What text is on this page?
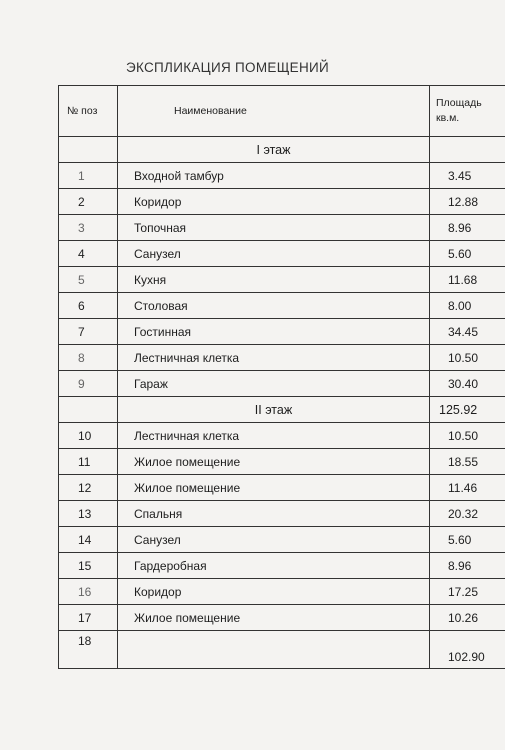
ЭКСПЛИКАЦИЯ ПОМЕЩЕНИЙ
№ поз	Наименование	Площадь кв.м.
	I этаж	
1	Входной тамбур	3.45
2	Коридор	12.88
3	Топочная	8.96
4	Санузел	5.60
5	Кухня	11.68
6	Столовая	8.00
7	Гостинная	34.45
8	Лестничная клетка	10.50
9	Гараж	30.40
	II этаж	125.92
10	Лестничная клетка	10.50
11	Жилое помещение	18.55
12	Жилое помещение	11.46
13	Спальня	20.32
14	Санузел	5.60
15	Гардеробная	8.96
16	Коридор	17.25
17	Жилое помещение	10.26
18		102.90
